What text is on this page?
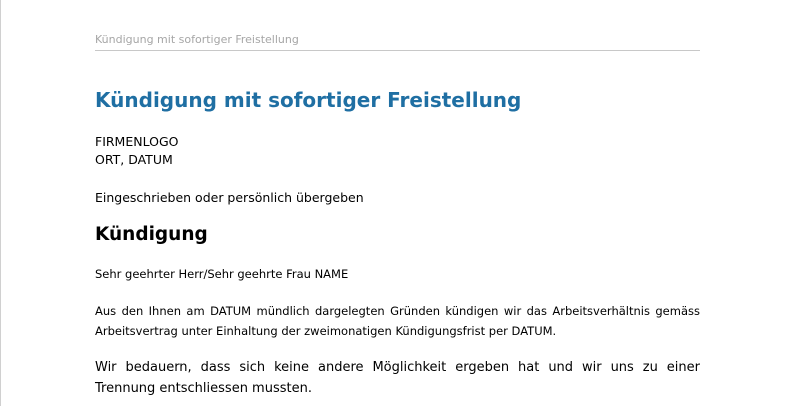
Kündigung mit sofortiger Freistellung
Kündigung mit sofortiger Freistellung
FIRMENLOGO
ORT, DATUM
Eingeschrieben oder persönlich übergeben
Kündigung
Sehr geehrter Herr/Sehr geehrte Frau NAME
Aus den Ihnen am DATUM mündlich dargelegten Gründen kündigen wir das Arbeitsverhältnis gemäss Arbeitsvertrag unter Einhaltung der zweimonatigen Kündigungsfrist per DATUM.
Wir bedauern, dass sich keine andere Möglichkeit ergeben hat und wir uns zu einer Trennung entschliessen mussten.
